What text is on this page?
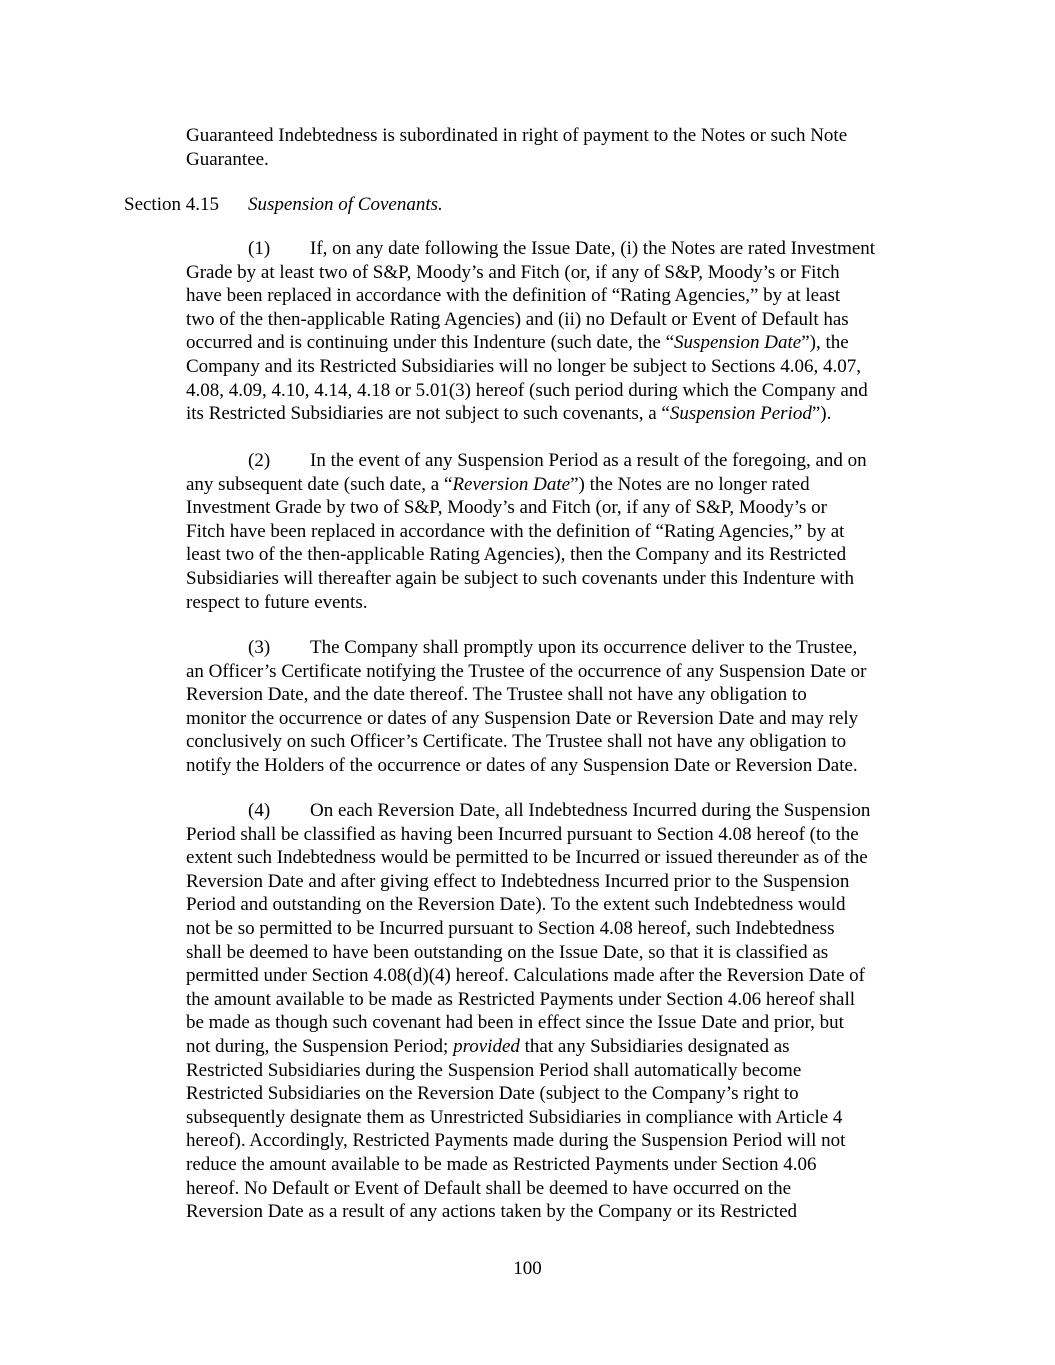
Guaranteed Indebtedness is subordinated in right of payment to the Notes or such Note
Guarantee.

Section 4.15 Suspension of Covenants.

(1) If, on any date following the Issue Date, (i) the Notes are rated Investment
Grade by at least two of S&P, Moody’s and Fitch (or, if any of S&P, Moody’s or Fitch
have been replaced in accordance with the definition of “Rating Agencies,” by at least
two of the then-applicable Rating Agencies) and (ii) no Default or Event of Default has
occurred and is continuing under this Indenture (such date, the “Suspension Date”), the
Company and its Restricted Subsidiaries will no longer be subject to Sections 4.06, 4.07,
4.08, 4.09, 4.10, 4.14, 4.18 or 5.01(3) hereof (such period during which the Company and
its Restricted Subsidiaries are not subject to such covenants, a “Suspension Period”).

(2) In the event of any Suspension Period as a result of the foregoing, and on
any subsequent date (such date, a “Reversion Date”) the Notes are no longer rated
Investment Grade by two of S&P, Moody’s and Fitch (or, if any of S&P, Moody’s or
Fitch have been replaced in accordance with the definition of “Rating Agencies,” by at
least two of the then-applicable Rating Agencies), then the Company and its Restricted
Subsidiaries will thereafter again be subject to such covenants under this Indenture with
respect to future events.

(3) The Company shall promptly upon its occurrence deliver to the Trustee,
an Officer’s Certificate notifying the Trustee of the occurrence of any Suspension Date or
Reversion Date, and the date thereof. The Trustee shall not have any obligation to
monitor the occurrence or dates of any Suspension Date or Reversion Date and may rely
conclusively on such Officer’s Certificate. The Trustee shall not have any obligation to
notify the Holders of the occurrence or dates of any Suspension Date or Reversion Date.

(4) On each Reversion Date, all Indebtedness Incurred during the Suspension
Period shall be classified as having been Incurred pursuant to Section 4.08 hereof (to the
extent such Indebtedness would be permitted to be Incurred or issued thereunder as of the
Reversion Date and after giving effect to Indebtedness Incurred prior to the Suspension
Period and outstanding on the Reversion Date). To the extent such Indebtedness would
not be so permitted to be Incurred pursuant to Section 4.08 hereof, such Indebtedness
shall be deemed to have been outstanding on the Issue Date, so that it is classified as
permitted under Section 4.08(d)(4) hereof. Calculations made after the Reversion Date of
the amount available to be made as Restricted Payments under Section 4.06 hereof shall
be made as though such covenant had been in effect since the Issue Date and prior, but
not during, the Suspension Period; provided that any Subsidiaries designated as
Restricted Subsidiaries during the Suspension Period shall automatically become
Restricted Subsidiaries on the Reversion Date (subject to the Company’s right to
subsequently designate them as Unrestricted Subsidiaries in compliance with Article 4
hereof). Accordingly, Restricted Payments made during the Suspension Period will not
reduce the amount available to be made as Restricted Payments under Section 4.06
hereof. No Default or Event of Default shall be deemed to have occurred on the
Reversion Date as a result of any actions taken by the Company or its Restricted

100
